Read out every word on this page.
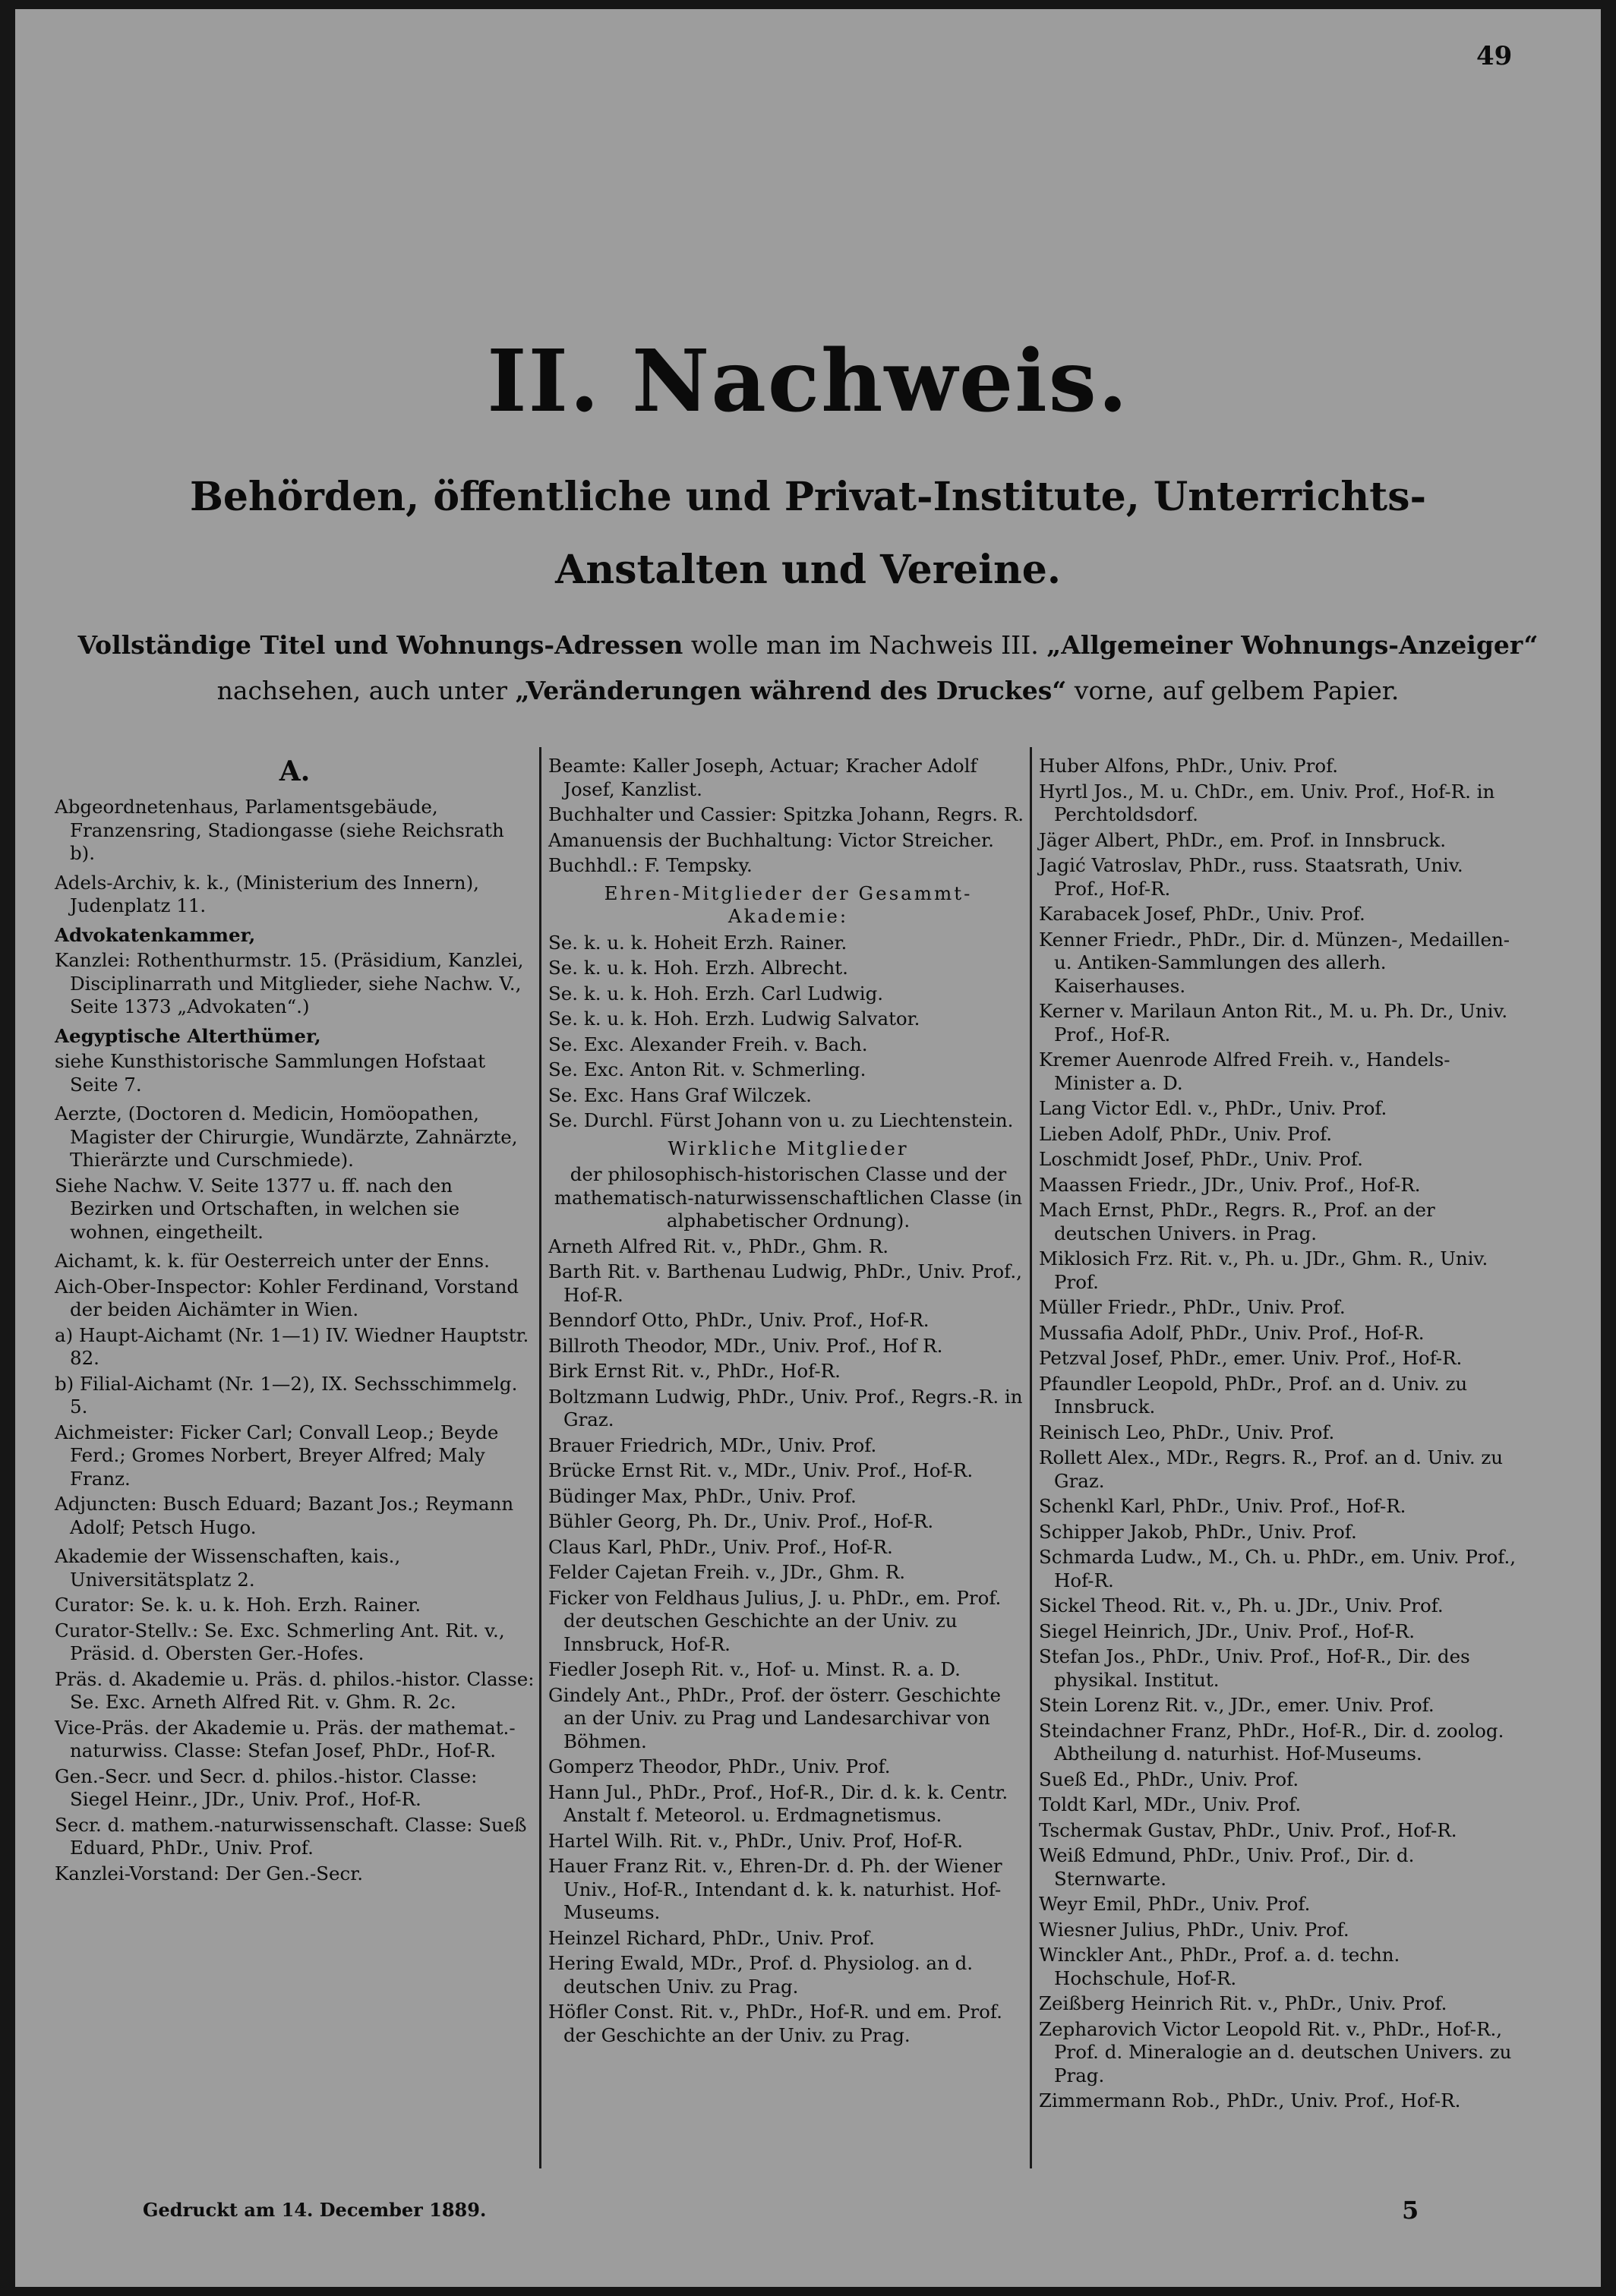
49
II. Nachweis.
Behörden, öffentliche und Privat-Institute, Unterrichts-
Anstalten und Vereine.
Vollständige Titel und Wohnungs-Adressen wolle man im Nachweis III. „Allgemeiner Wohnungs-Anzeiger“
nachsehen, auch unter „Veränderungen während des Druckes“ vorne, auf gelbem Papier.
A.
Abgeordnetenhaus, Parlamentsgebäude, Franzensring, Stadiongasse (siehe Reichsrath b).
Adels-Archiv, k. k., (Ministerium des Innern), Judenplatz 11.
Advokatenkammer,
Kanzlei: Rothenthurmstr. 15. (Präsidium, Kanzlei, Disciplinarrath und Mitglieder, siehe Nachw. V., Seite 1373 „Advokaten“.)
Aegyptische Alterthümer,
siehe Kunsthistorische Sammlungen Hofstaat Seite 7.
Aerzte, (Doctoren d. Medicin, Homöopathen, Magister der Chirurgie, Wundärzte, Zahnärzte, Thierärzte und Curschmiede).
Siehe Nachw. V. Seite 1377 u. ff. nach den Bezirken und Ortschaften, in welchen sie wohnen, eingetheilt.
Aichamt, k. k. für Oesterreich unter der Enns.
Aich-Ober-Inspector: Kohler Ferdinand, Vorstand der beiden Aichämter in Wien.
a) Haupt-Aichamt (Nr. 1—1) IV. Wiedner Hauptstr. 82.
b) Filial-Aichamt (Nr. 1—2), IX. Sechsschimmelg. 5.
Aichmeister: Ficker Carl; Convall Leop.; Beyde Ferd.; Gromes Norbert, Breyer Alfred; Maly Franz.
Adjuncten: Busch Eduard; Bazant Jos.; Reymann Adolf; Petsch Hugo.
Akademie der Wissenschaften, kais., Universitätsplatz 2.
Curator: Se. k. u. k. Hoh. Erzh. Rainer.
Curator-Stellv.: Se. Exc. Schmerling Ant. Rit. v., Präsid. d. Obersten Ger.-Hofes.
Präs. d. Akademie u. Präs. d. philos.-histor. Classe: Se. Exc. Arneth Alfred Rit. v. Ghm. R. 2c.
Vice-Präs. der Akademie u. Präs. der mathemat.-naturwiss. Classe: Stefan Josef, PhDr., Hof-R.
Gen.-Secr. und Secr. d. philos.-histor. Classe: Siegel Heinr., JDr., Univ. Prof., Hof-R.
Secr. d. mathem.-naturwissenschaft. Classe: Sueß Eduard, PhDr., Univ. Prof.
Kanzlei-Vorstand: Der Gen.-Secr.
Beamte: Kaller Joseph, Actuar; Kracher Adolf Josef, Kanzlist.
Buchhalter und Cassier: Spitzka Johann, Regrs. R.
Amanuensis der Buchhaltung: Victor Streicher.
Buchhdl.: F. Tempsky.
Ehren-Mitglieder der Gesammt-Akademie:
Se. k. u. k. Hoheit Erzh. Rainer.
Se. k. u. k. Hoh. Erzh. Albrecht.
Se. k. u. k. Hoh. Erzh. Carl Ludwig.
Se. k. u. k. Hoh. Erzh. Ludwig Salvator.
Se. Exc. Alexander Freih. v. Bach.
Se. Exc. Anton Rit. v. Schmerling.
Se. Exc. Hans Graf Wilczek.
Se. Durchl. Fürst Johann von u. zu Liechtenstein.
Wirkliche Mitglieder
der philosophisch-historischen Classe und der mathematisch-naturwissenschaftlichen Classe (in alphabetischer Ordnung).
Arneth Alfred Rit. v., PhDr., Ghm. R.
Barth Rit. v. Barthenau Ludwig, PhDr., Univ. Prof., Hof-R.
Benndorf Otto, PhDr., Univ. Prof., Hof-R.
Billroth Theodor, MDr., Univ. Prof., Hof R.
Birk Ernst Rit. v., PhDr., Hof-R.
Boltzmann Ludwig, PhDr., Univ. Prof., Regrs.-R. in Graz.
Brauer Friedrich, MDr., Univ. Prof.
Brücke Ernst Rit. v., MDr., Univ. Prof., Hof-R.
Büdinger Max, PhDr., Univ. Prof.
Bühler Georg, Ph. Dr., Univ. Prof., Hof-R.
Claus Karl, PhDr., Univ. Prof., Hof-R.
Felder Cajetan Freih. v., JDr., Ghm. R.
Ficker von Feldhaus Julius, J. u. PhDr., em. Prof. der deutschen Geschichte an der Univ. zu Innsbruck, Hof-R.
Fiedler Joseph Rit. v., Hof- u. Minst. R. a. D.
Gindely Ant., PhDr., Prof. der österr. Geschichte an der Univ. zu Prag und Landesarchivar von Böhmen.
Gomperz Theodor, PhDr., Univ. Prof.
Hann Jul., PhDr., Prof., Hof-R., Dir. d. k. k. Centr. Anstalt f. Meteorol. u. Erdmagnetismus.
Hartel Wilh. Rit. v., PhDr., Univ. Prof, Hof-R.
Hauer Franz Rit. v., Ehren-Dr. d. Ph. der Wiener Univ., Hof-R., Intendant d. k. k. naturhist. Hof-Museums.
Heinzel Richard, PhDr., Univ. Prof.
Hering Ewald, MDr., Prof. d. Physiolog. an d. deutschen Univ. zu Prag.
Höfler Const. Rit. v., PhDr., Hof-R. und em. Prof. der Geschichte an der Univ. zu Prag.
Huber Alfons, PhDr., Univ. Prof.
Hyrtl Jos., M. u. ChDr., em. Univ. Prof., Hof-R. in Perchtoldsdorf.
Jäger Albert, PhDr., em. Prof. in Innsbruck.
Jagić Vatroslav, PhDr., russ. Staatsrath, Univ. Prof., Hof-R.
Karabacek Josef, PhDr., Univ. Prof.
Kenner Friedr., PhDr., Dir. d. Münzen-, Medaillen- u. Antiken-Sammlungen des allerh. Kaiserhauses.
Kerner v. Marilaun Anton Rit., M. u. Ph. Dr., Univ. Prof., Hof-R.
Kremer Auenrode Alfred Freih. v., Handels-Minister a. D.
Lang Victor Edl. v., PhDr., Univ. Prof.
Lieben Adolf, PhDr., Univ. Prof.
Loschmidt Josef, PhDr., Univ. Prof.
Maassen Friedr., JDr., Univ. Prof., Hof-R.
Mach Ernst, PhDr., Regrs. R., Prof. an der deutschen Univers. in Prag.
Miklosich Frz. Rit. v., Ph. u. JDr., Ghm. R., Univ. Prof.
Müller Friedr., PhDr., Univ. Prof.
Mussafia Adolf, PhDr., Univ. Prof., Hof-R.
Petzval Josef, PhDr., emer. Univ. Prof., Hof-R.
Pfaundler Leopold, PhDr., Prof. an d. Univ. zu Innsbruck.
Reinisch Leo, PhDr., Univ. Prof.
Rollett Alex., MDr., Regrs. R., Prof. an d. Univ. zu Graz.
Schenkl Karl, PhDr., Univ. Prof., Hof-R.
Schipper Jakob, PhDr., Univ. Prof.
Schmarda Ludw., M., Ch. u. PhDr., em. Univ. Prof., Hof-R.
Sickel Theod. Rit. v., Ph. u. JDr., Univ. Prof.
Siegel Heinrich, JDr., Univ. Prof., Hof-R.
Stefan Jos., PhDr., Univ. Prof., Hof-R., Dir. des physikal. Institut.
Stein Lorenz Rit. v., JDr., emer. Univ. Prof.
Steindachner Franz, PhDr., Hof-R., Dir. d. zoolog. Abtheilung d. naturhist. Hof-Museums.
Sueß Ed., PhDr., Univ. Prof.
Toldt Karl, MDr., Univ. Prof.
Tschermak Gustav, PhDr., Univ. Prof., Hof-R.
Weiß Edmund, PhDr., Univ. Prof., Dir. d. Sternwarte.
Weyr Emil, PhDr., Univ. Prof.
Wiesner Julius, PhDr., Univ. Prof.
Winckler Ant., PhDr., Prof. a. d. techn. Hochschule, Hof-R.
Zeißberg Heinrich Rit. v., PhDr., Univ. Prof.
Zepharovich Victor Leopold Rit. v., PhDr., Hof-R., Prof. d. Mineralogie an d. deutschen Univers. zu Prag.
Zimmermann Rob., PhDr., Univ. Prof., Hof-R.
Gedruckt am 14. December 1889.	5
